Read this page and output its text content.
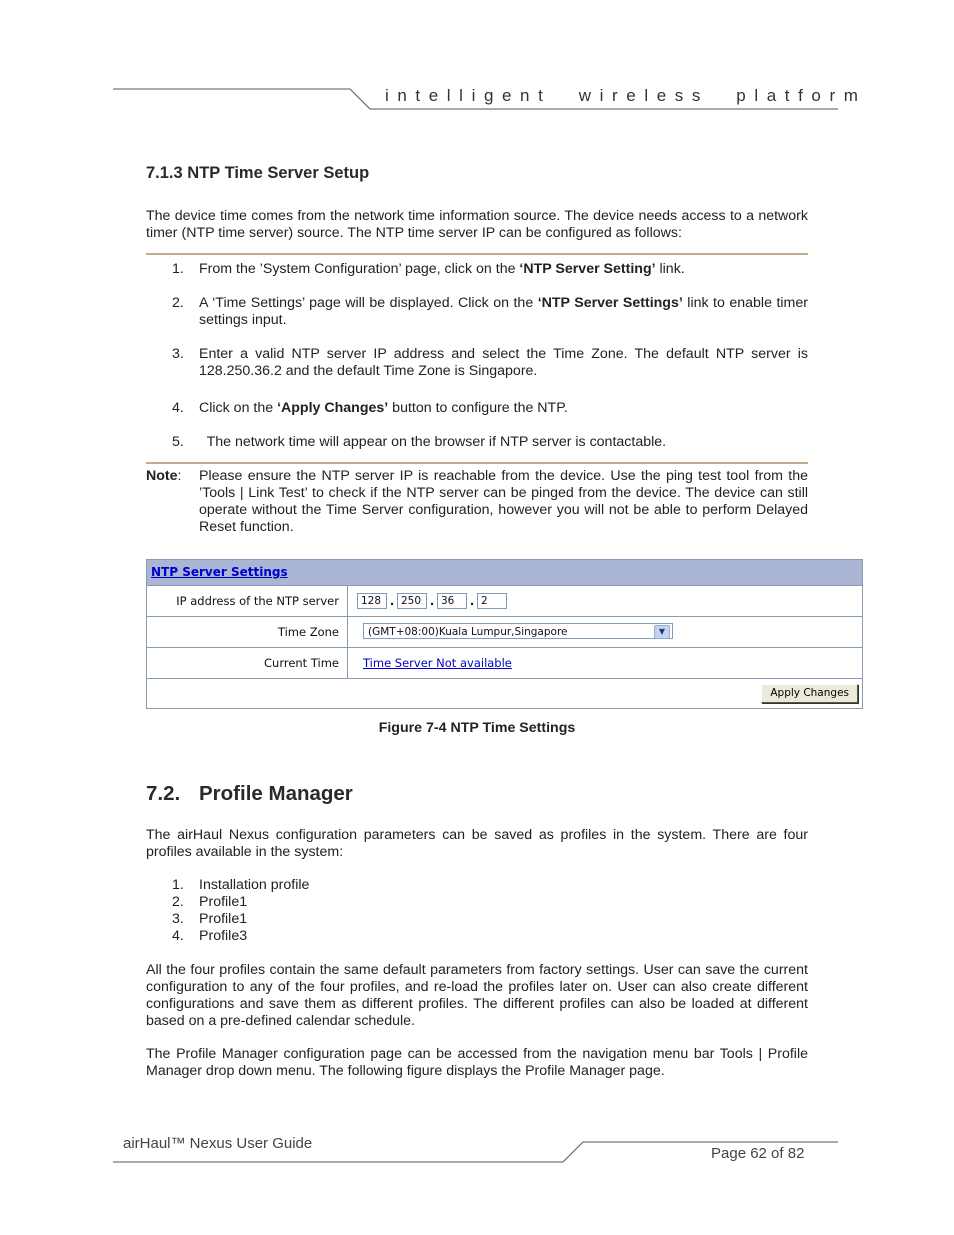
intelligent wireless platform
7.1.3 NTP Time Server Setup
The device time comes from the network time information source. The device needs access to a network timer (NTP time server) source. The NTP time server IP can be configured as follows:
1. From the ’System Configuration’ page, click on the ‘NTP Server Setting’ link.
2. A ‘Time Settings’ page will be displayed. Click on the ‘NTP Server Settings’ link to enable timer settings input.
3. Enter a valid NTP server IP address and select the Time Zone. The default NTP server is 128.250.36.2 and the default Time Zone is Singapore.
4. Click on the ‘Apply Changes’ button to configure the NTP.
5. The network time will appear on the browser if NTP server is contactable.
Note: Please ensure the NTP server IP is reachable from the device. Use the ping test tool from the ’Tools | Link Test’ to check if the NTP server can be pinged from the device. The device can still operate without the Time Server configuration, however you will not be able to perform Delayed Reset function.
NTP Server Settings
IP address of the NTP server	128 . 250 . 36 . 2
Time Zone	(GMT+08:00)Kuala Lumpur,Singapore	▼
Current Time	Time Server Not available
Apply Changes
Figure 7-4 NTP Time Settings
7.2. Profile Manager
The airHaul Nexus configuration parameters can be saved as profiles in the system. There are four profiles available in the system:
1. Installation profile
2. Profile1
3. Profile1
4. Profile3
All the four profiles contain the same default parameters from factory settings. User can save the current configuration to any of the four profiles, and re-load the profiles later on. User can also create different configurations and save them as different profiles. The different profiles can also be loaded at different based on a pre-defined calendar schedule.
The Profile Manager configuration page can be accessed from the navigation menu bar Tools | Profile Manager drop down menu. The following figure displays the Profile Manager page.
airHaul™ Nexus User Guide
Page 62 of 82
